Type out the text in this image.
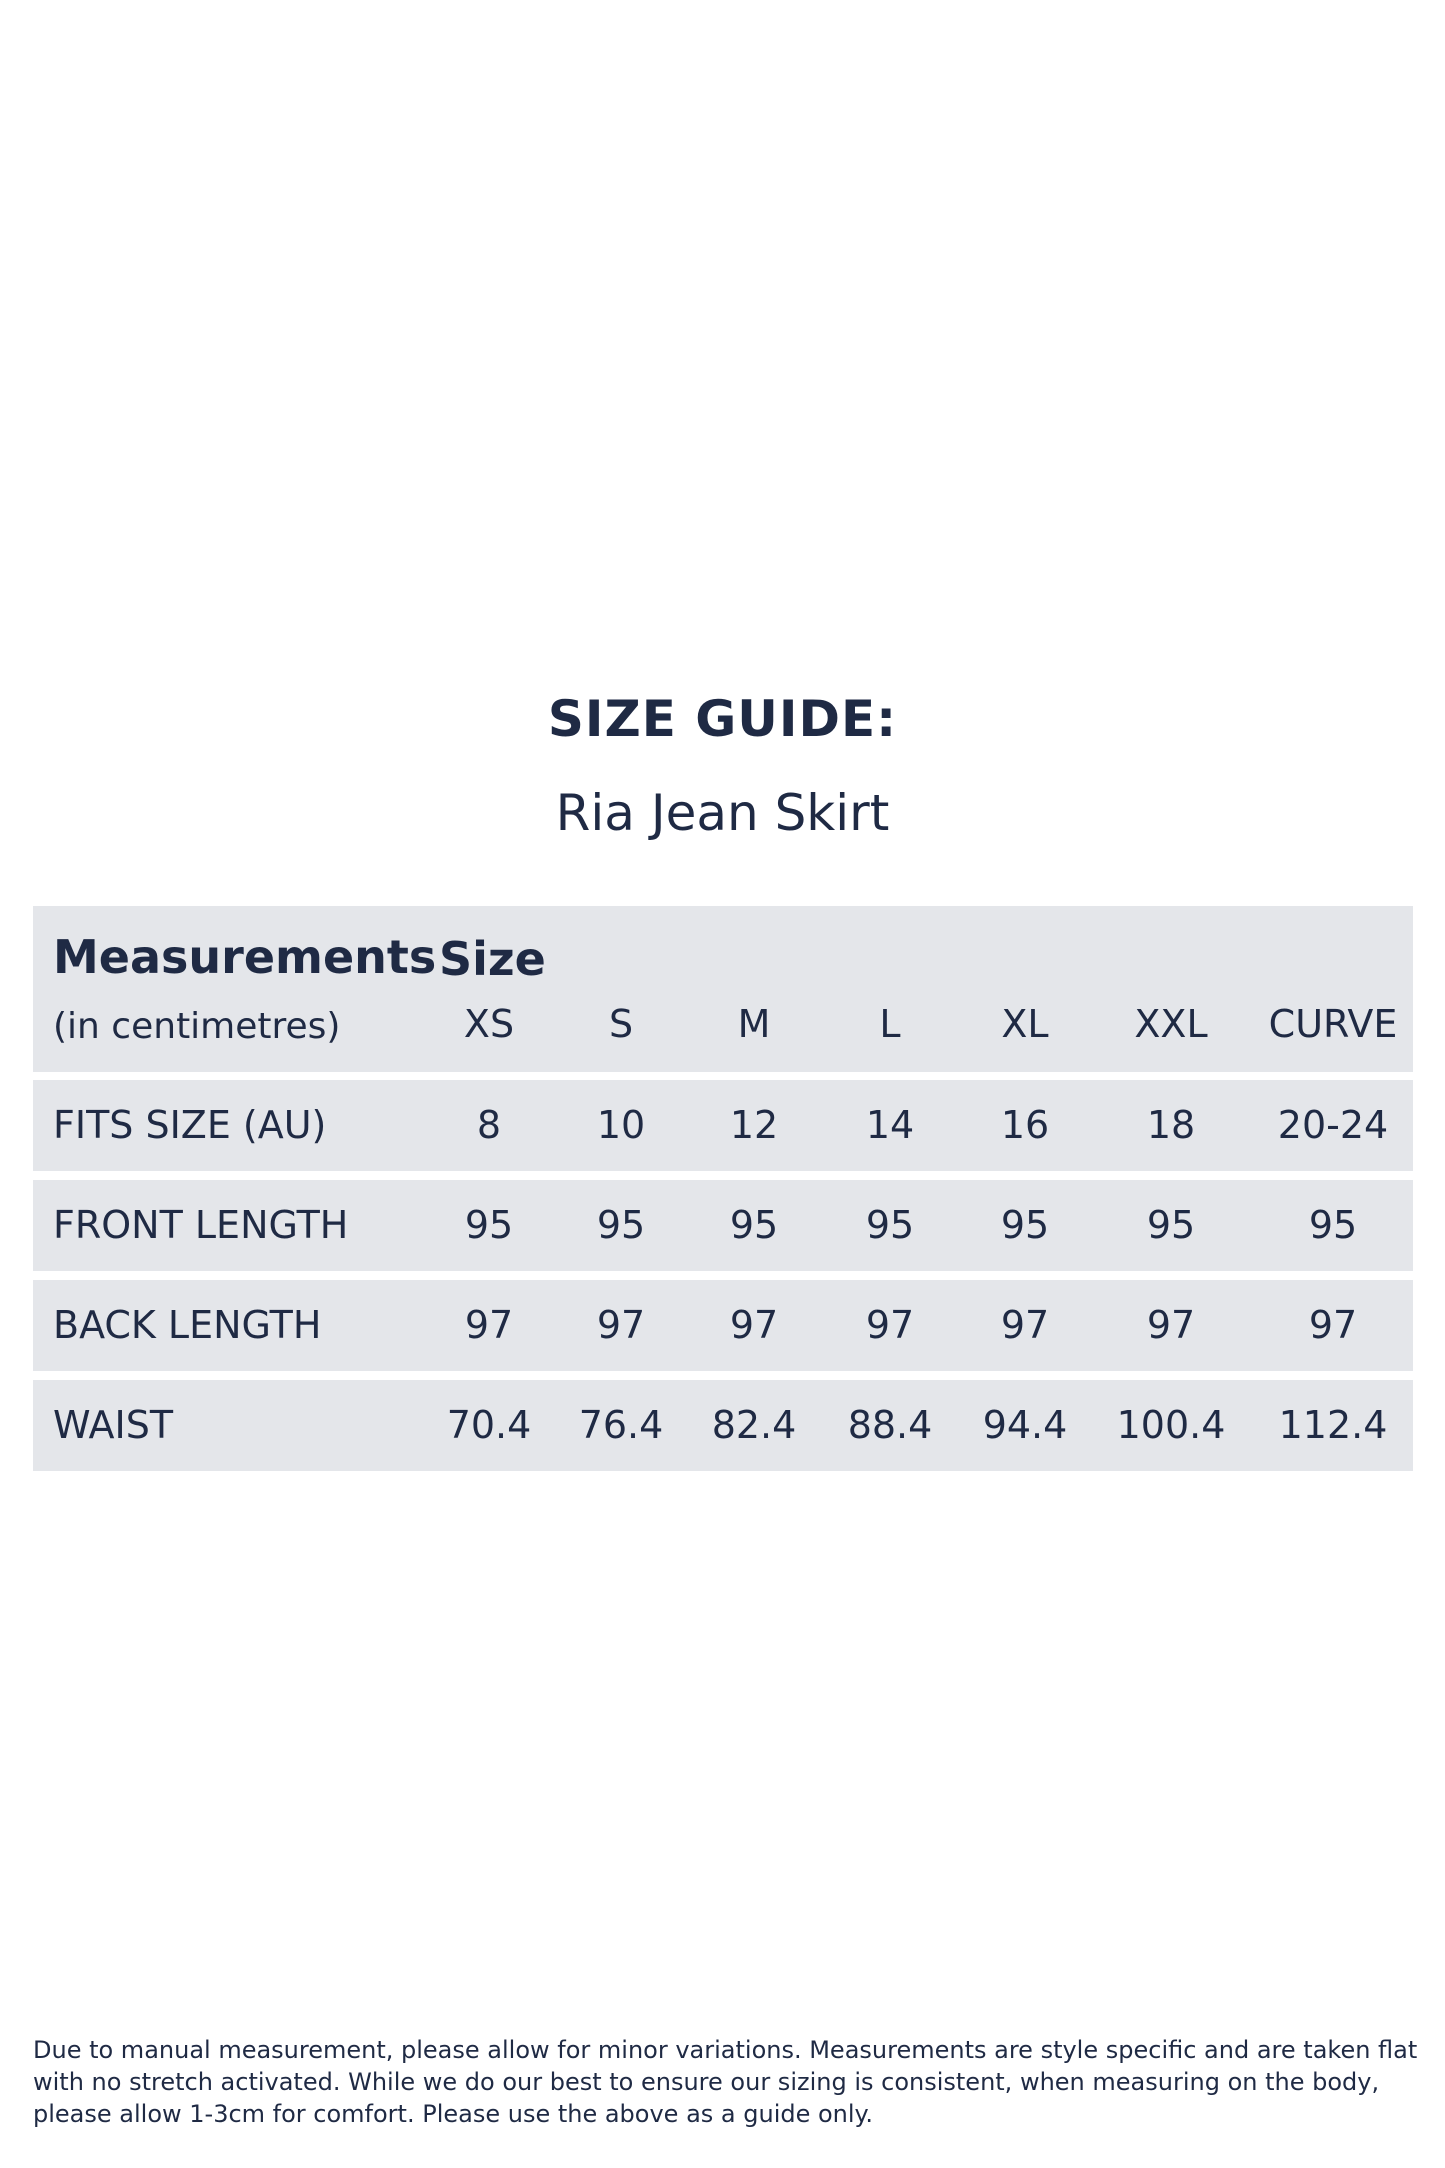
SIZE GUIDE:
Ria Jean Skirt
Measurements
(in centimetres)
Size
XS	S	M	L	XL	XXL	CURVE
FITS SIZE (AU)	8	10	12	14	16	18	20-24
FRONT LENGTH	95	95	95	95	95	95	95
BACK LENGTH	97	97	97	97	97	97	97
WAIST	70.4	76.4	82.4	88.4	94.4	100.4	112.4
Due to manual measurement, please allow for minor variations. Measurements are style specific and are taken flat with no stretch activated. While we do our best to ensure our sizing is consistent, when measuring on the body, please allow 1-3cm for comfort. Please use the above as a guide only.
